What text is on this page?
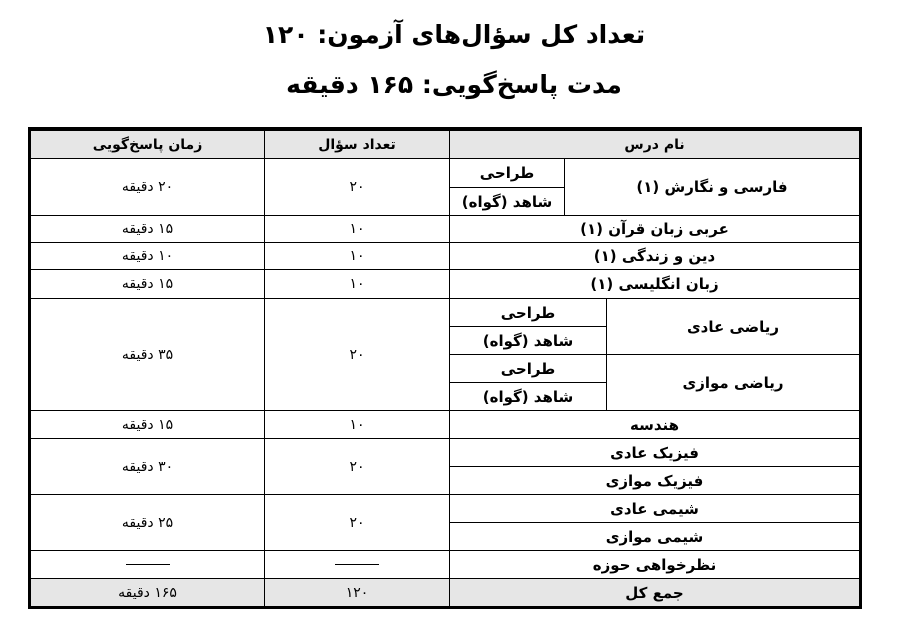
تعداد کل سؤال‌های آزمون: ۱۲۰
مدت پاسخ‌گویی: ۱۶۵ دقیقه
نام درس
تعداد سؤال
زمان پاسخ‌گویی
فارسی و نگارش (۱)
طراحی
شاهد (گواه)
۲۰
۲۰ دقیقه
عربی زبان قرآن (۱)
۱۰
۱۵ دقیقه
دین و زندگی (۱)
۱۰
۱۰ دقیقه
زبان انگلیسی (۱)
۱۰
۱۵ دقیقه
ریاضی عادی
طراحی
شاهد (گواه)
ریاضی موازی
طراحی
شاهد (گواه)
۲۰
۳۵ دقیقه
هندسه
۱۰
۱۵ دقیقه
فیزیک عادی
فیزیک موازی
۲۰
۳۰ دقیقه
شیمی عادی
شیمی موازی
۲۰
۲۵ دقیقه
نظرخواهی حوزه
جمع کل
۱۲۰
۱۶۵ دقیقه
